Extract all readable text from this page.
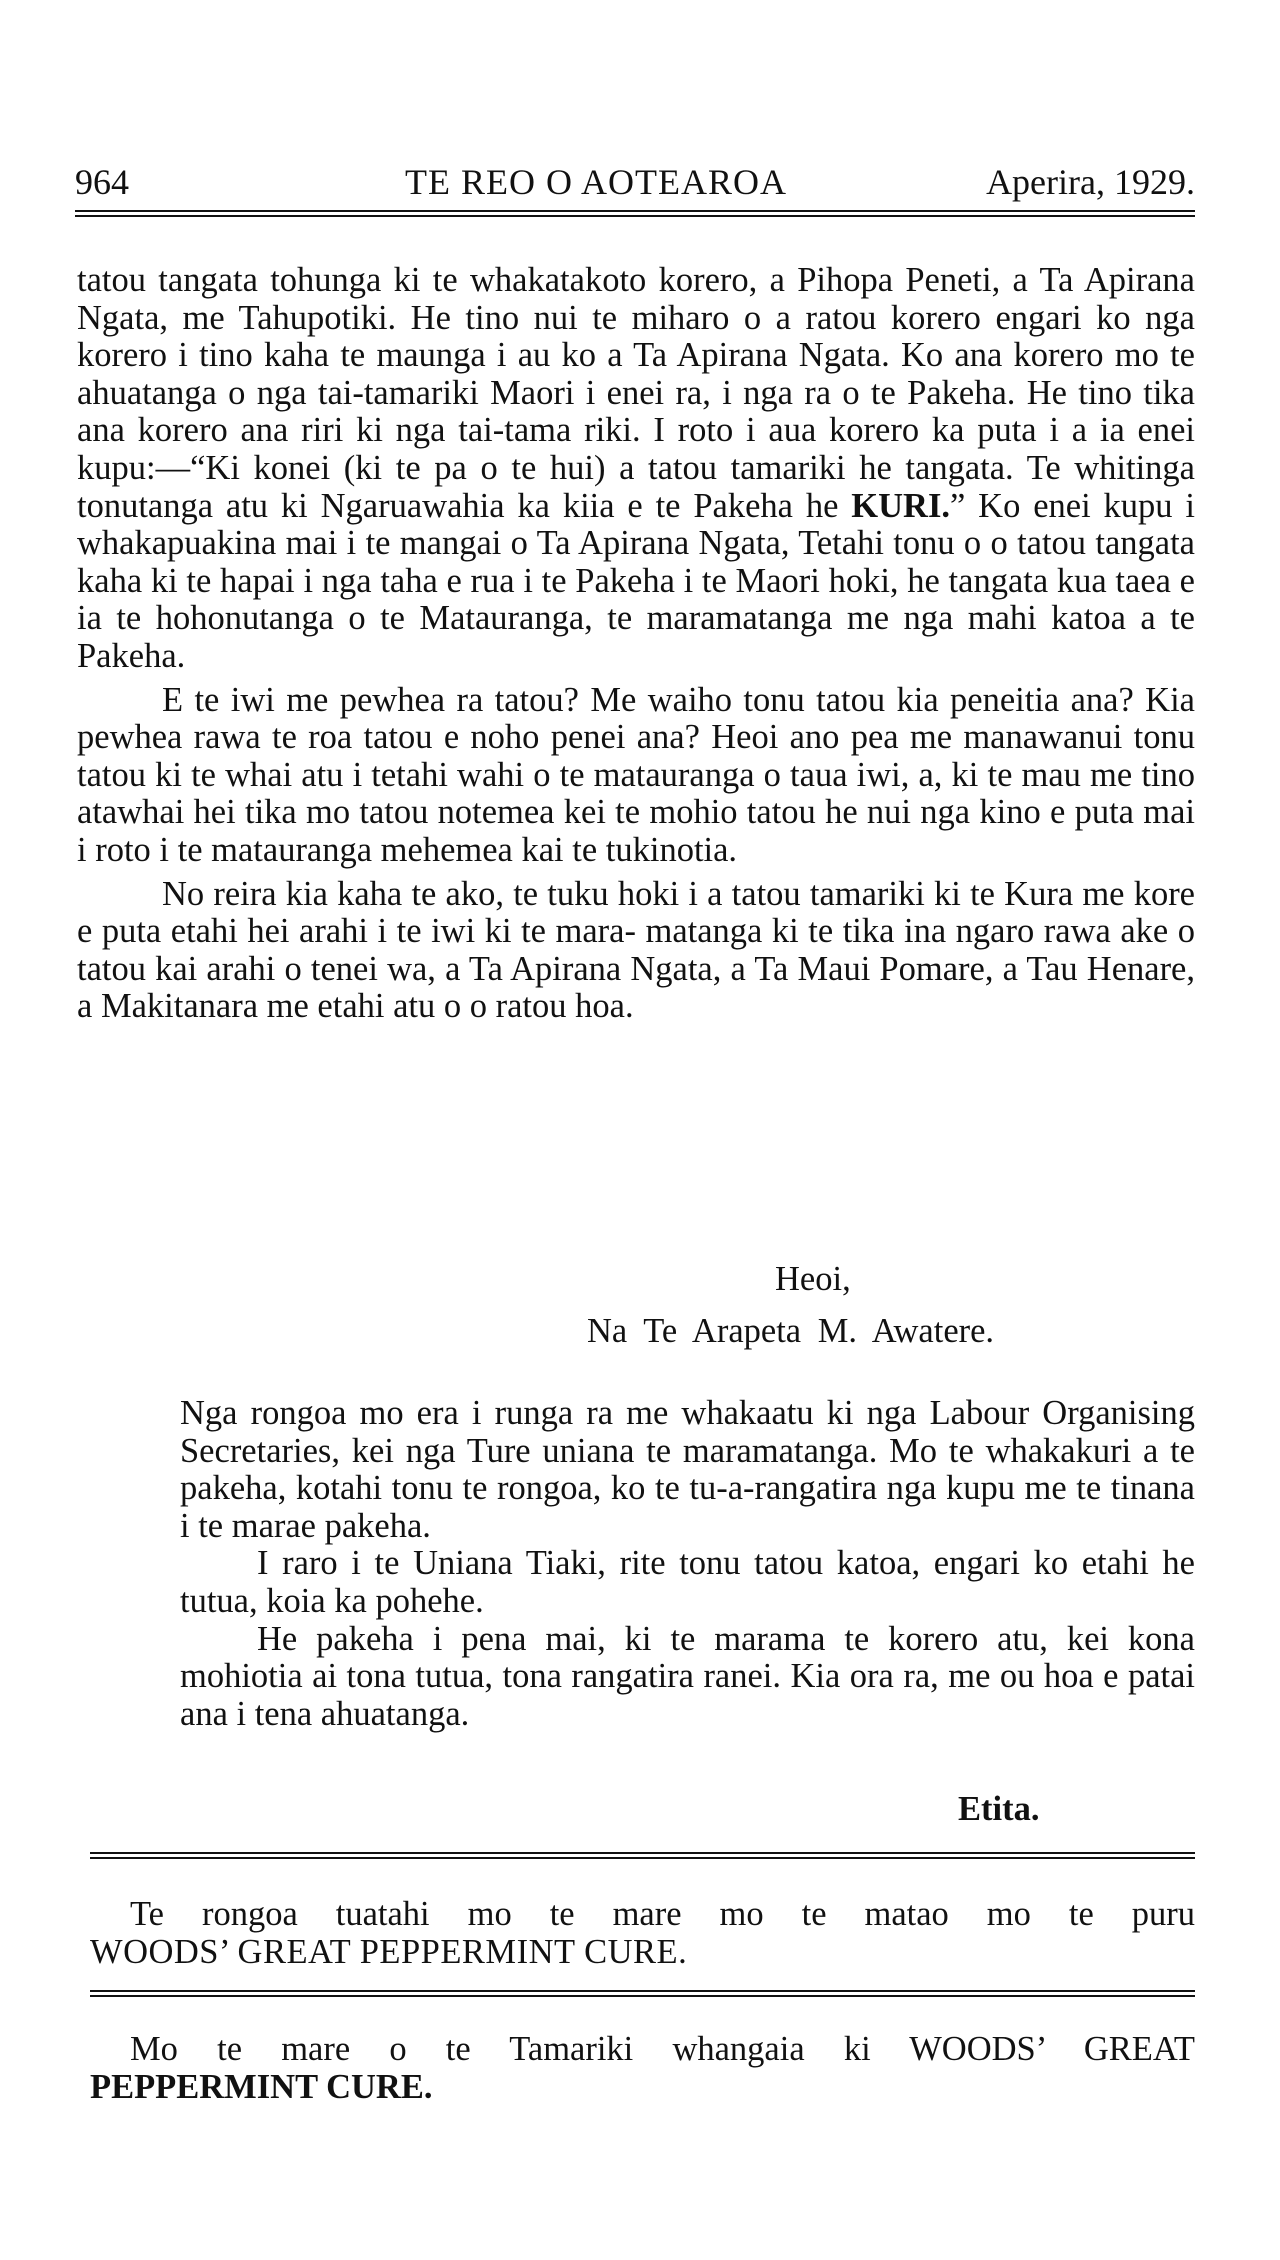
964	TE REO O AOTEAROA	Aperira, 1929.

tatou tangata tohunga ki te whakatakoto korero, a Pihopa Peneti, a Ta Apirana Ngata, me Tahupotiki. He tino nui te miharo o a ratou korero engari ko nga korero i tino kaha te maunga i au ko a Ta Apirana Ngata. Ko ana korero mo te ahuatanga o nga tai-tamariki Maori i enei ra, i nga ra o te Pakeha. He tino tika ana korero ana riri ki nga tai-tama riki. I roto i aua korero ka puta i a ia enei kupu:—“Ki konei (ki te pa o te hui) a tatou tamariki he tangata. Te whitinga tonutanga atu ki Ngaruawahia ka kiia e te Pakeha he KURI.” Ko enei kupu i whakapuakina mai i te mangai o Ta Apirana Ngata, Tetahi tonu o o tatou tangata kaha ki te hapai i nga taha e rua i te Pakeha i te Maori hoki, he tangata kua taea e ia te hohonutanga o te Matauranga, te maramatanga me nga mahi katoa a te Pakeha.

E te iwi me pewhea ra tatou? Me waiho tonu tatou kia peneitia ana? Kia pewhea rawa te roa tatou e noho penei ana? Heoi ano pea me manawanui tonu tatou ki te whai atu i tetahi wahi o te matauranga o taua iwi, a, ki te mau me tino atawhai hei tika mo tatou notemea kei te mohio tatou he nui nga kino e puta mai i roto i te matauranga mehemea kai te tukinotia.

No reira kia kaha te ako, te tuku hoki i a tatou tamariki ki te Kura me kore e puta etahi hei arahi i te iwi ki te mara- matanga ki te tika ina ngaro rawa ake o tatou kai arahi o tenei wa, a Ta Apirana Ngata, a Ta Maui Pomare, a Tau Henare, a Makitanara me etahi atu o o ratou hoa.

Heoi,
Na Te Arapeta M. Awatere.

Nga rongoa mo era i runga ra me whakaatu ki nga Labour Organising Secretaries, kei nga Ture uniana te maramatanga. Mo te whakakuri a te pakeha, kotahi tonu te rongoa, ko te tu-a-rangatira nga kupu me te tinana i te marae pakeha.

I raro i te Uniana Tiaki, rite tonu tatou katoa, engari ko etahi he tutua, koia ka pohehe.

He pakeha i pena mai, ki te marama te korero atu, kei kona mohiotia ai tona tutua, tona rangatira ranei. Kia ora ra, me ou hoa e patai ana i tena ahuatanga.

Etita.

Te rongoa tuatahi mo te mare mo te matao mo te puru

WOODS’ GREAT PEPPERMINT CURE.

Mo te mare o te Tamariki whangaia ki WOODS’ GREAT

PEPPERMINT CURE.
